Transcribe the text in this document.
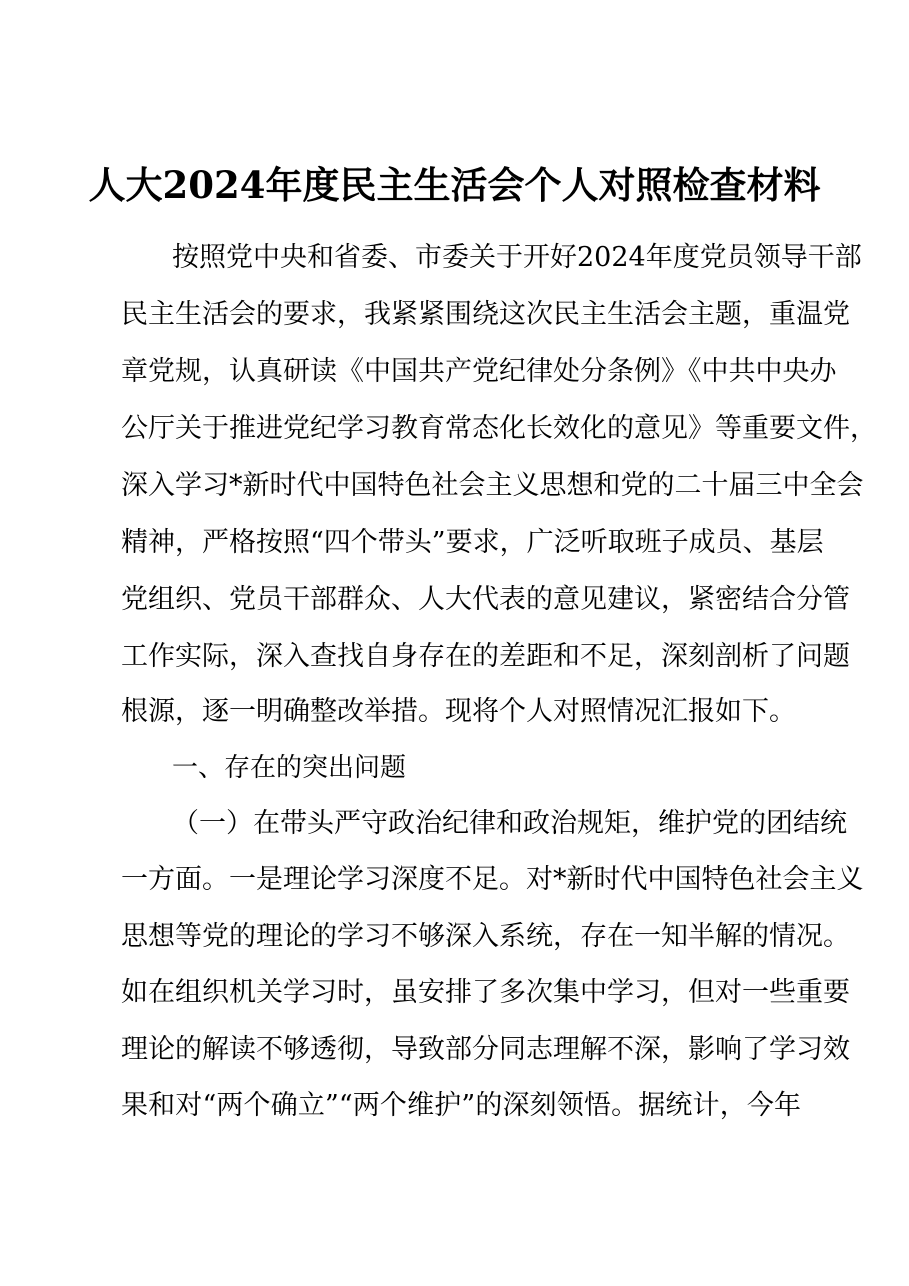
人大2024年度民主生活会个人对照检查材料
按照党中央和省委、市委关于开好2024年度党员领导干部
民主生活会的要求，我紧紧围绕这次民主生活会主题，重温党
章党规，认真研读《中国共产党纪律处分条例》《中共中央办
公厅关于推进党纪学习教育常态化长效化的意见》等重要文件，
深入学习*新时代中国特色社会主义思想和党的二十届三中全会
精神，严格按照“四个带头”要求，广泛听取班子成员、基层
党组织、党员干部群众、人大代表的意见建议，紧密结合分管
工作实际，深入查找自身存在的差距和不足，深刻剖析了问题
根源，逐一明确整改举措。现将个人对照情况汇报如下。
一、存在的突出问题
（一）在带头严守政治纪律和政治规矩，维护党的团结统
一方面。一是理论学习深度不足。对*新时代中国特色社会主义
思想等党的理论的学习不够深入系统，存在一知半解的情况。
如在组织机关学习时，虽安排了多次集中学习，但对一些重要
理论的解读不够透彻，导致部分同志理解不深，影响了学习效
果和对“两个确立”“两个维护”的深刻领悟。据统计，今年
